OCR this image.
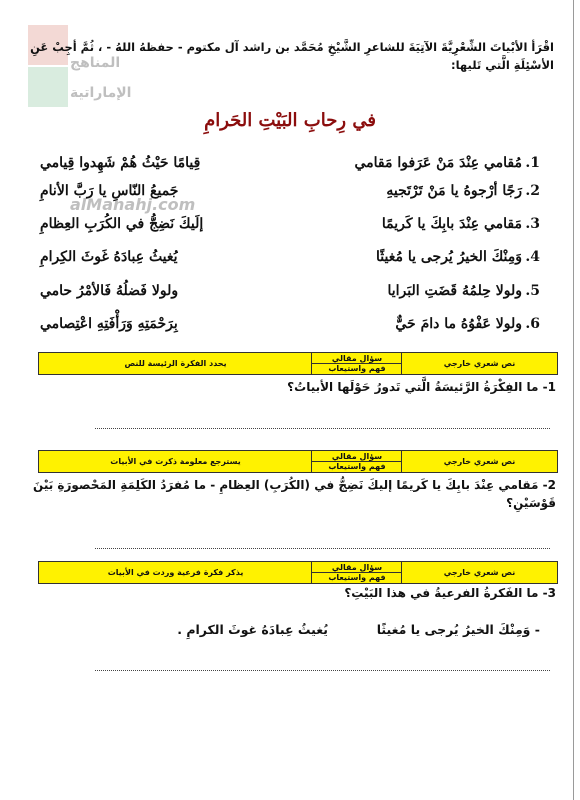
المناهج
الإماراتية
alManahj.com
اقْرَأ الأبْياتَ الشِّعْرِيَّةَ الآتِيَةَ للشاعرِ الشَّيْخِ مُحَمَّد بن راشد آل مكتوم - حفظهُ اللهُ - ، ثُمَّ أجِبْ عَنِ
الأسْئِلَةِ الَّتي تَليها:
في رِحابِ البَيْتِ الحَرامِ
1.
مُقامي عِنْدَ مَنْ عَرَفوا مَقامي
قِيامًا حَيْثُ هُمْ شَهِدوا قِيامي
2.
رَجًا أرْجوهُ يا مَنْ تَرْتَجيهِ
جَميعُ النّاسِ يا رَبَّ الأنامِ
3.
مَقامي عِنْدَ بابِكَ يا كَريمًا
إلَيكَ نَضِجُّ في الكُرَبِ العِظامِ
4.
وَمِنْكَ الخيرُ يُرجى يا مُغيثًا
يُغيثُ عِبادَهُ غَوثَ الكِرامِ
5.
ولولا حِلمُهُ قَضَتِ البَرايا
ولولا فَضلُهُ فَالأمْرُ حامي
6.
ولولا عَفْوُهُ ما دامَ حَيٌّ
بِرَحْمَتِهِ وَرَأْفَتِهِ اعْتِصامي
نص شعري خارجي
سؤال مقالي
فهم واستيعاب
يحدد الفكرة الرئيسة للنص
1- ما الفِكْرَةُ الرَّئيسَةُ الَّتي تَدورُ حَوْلَها الأبياتُ؟
نص شعري خارجي
سؤال مقالي
فهم واستيعاب
يسترجع معلومة ذكرت في الأبيات
2- مَقامي عِنْدَ بابِكَ يا كَريمًا إليكَ نَضِجُّ في (الكُرَبِ) العِظامِ - ما مُفرَدُ الكَلِمَةِ المَحْصورَةِ بَيْنَ
قَوْسَيْنِ؟
نص شعري خارجي
سؤال مقالي
فهم واستيعاب
يذكر فكرة فرعية وردت في الأبيات
3- ما الفَكرةُ الفرعيةُ في هذا البَيْتِ؟
- وَمِنْكَ الخيرُ يُرجى يا مُغيثًا  يُغيثُ عِبادَهُ غوثَ الكرامِ .
